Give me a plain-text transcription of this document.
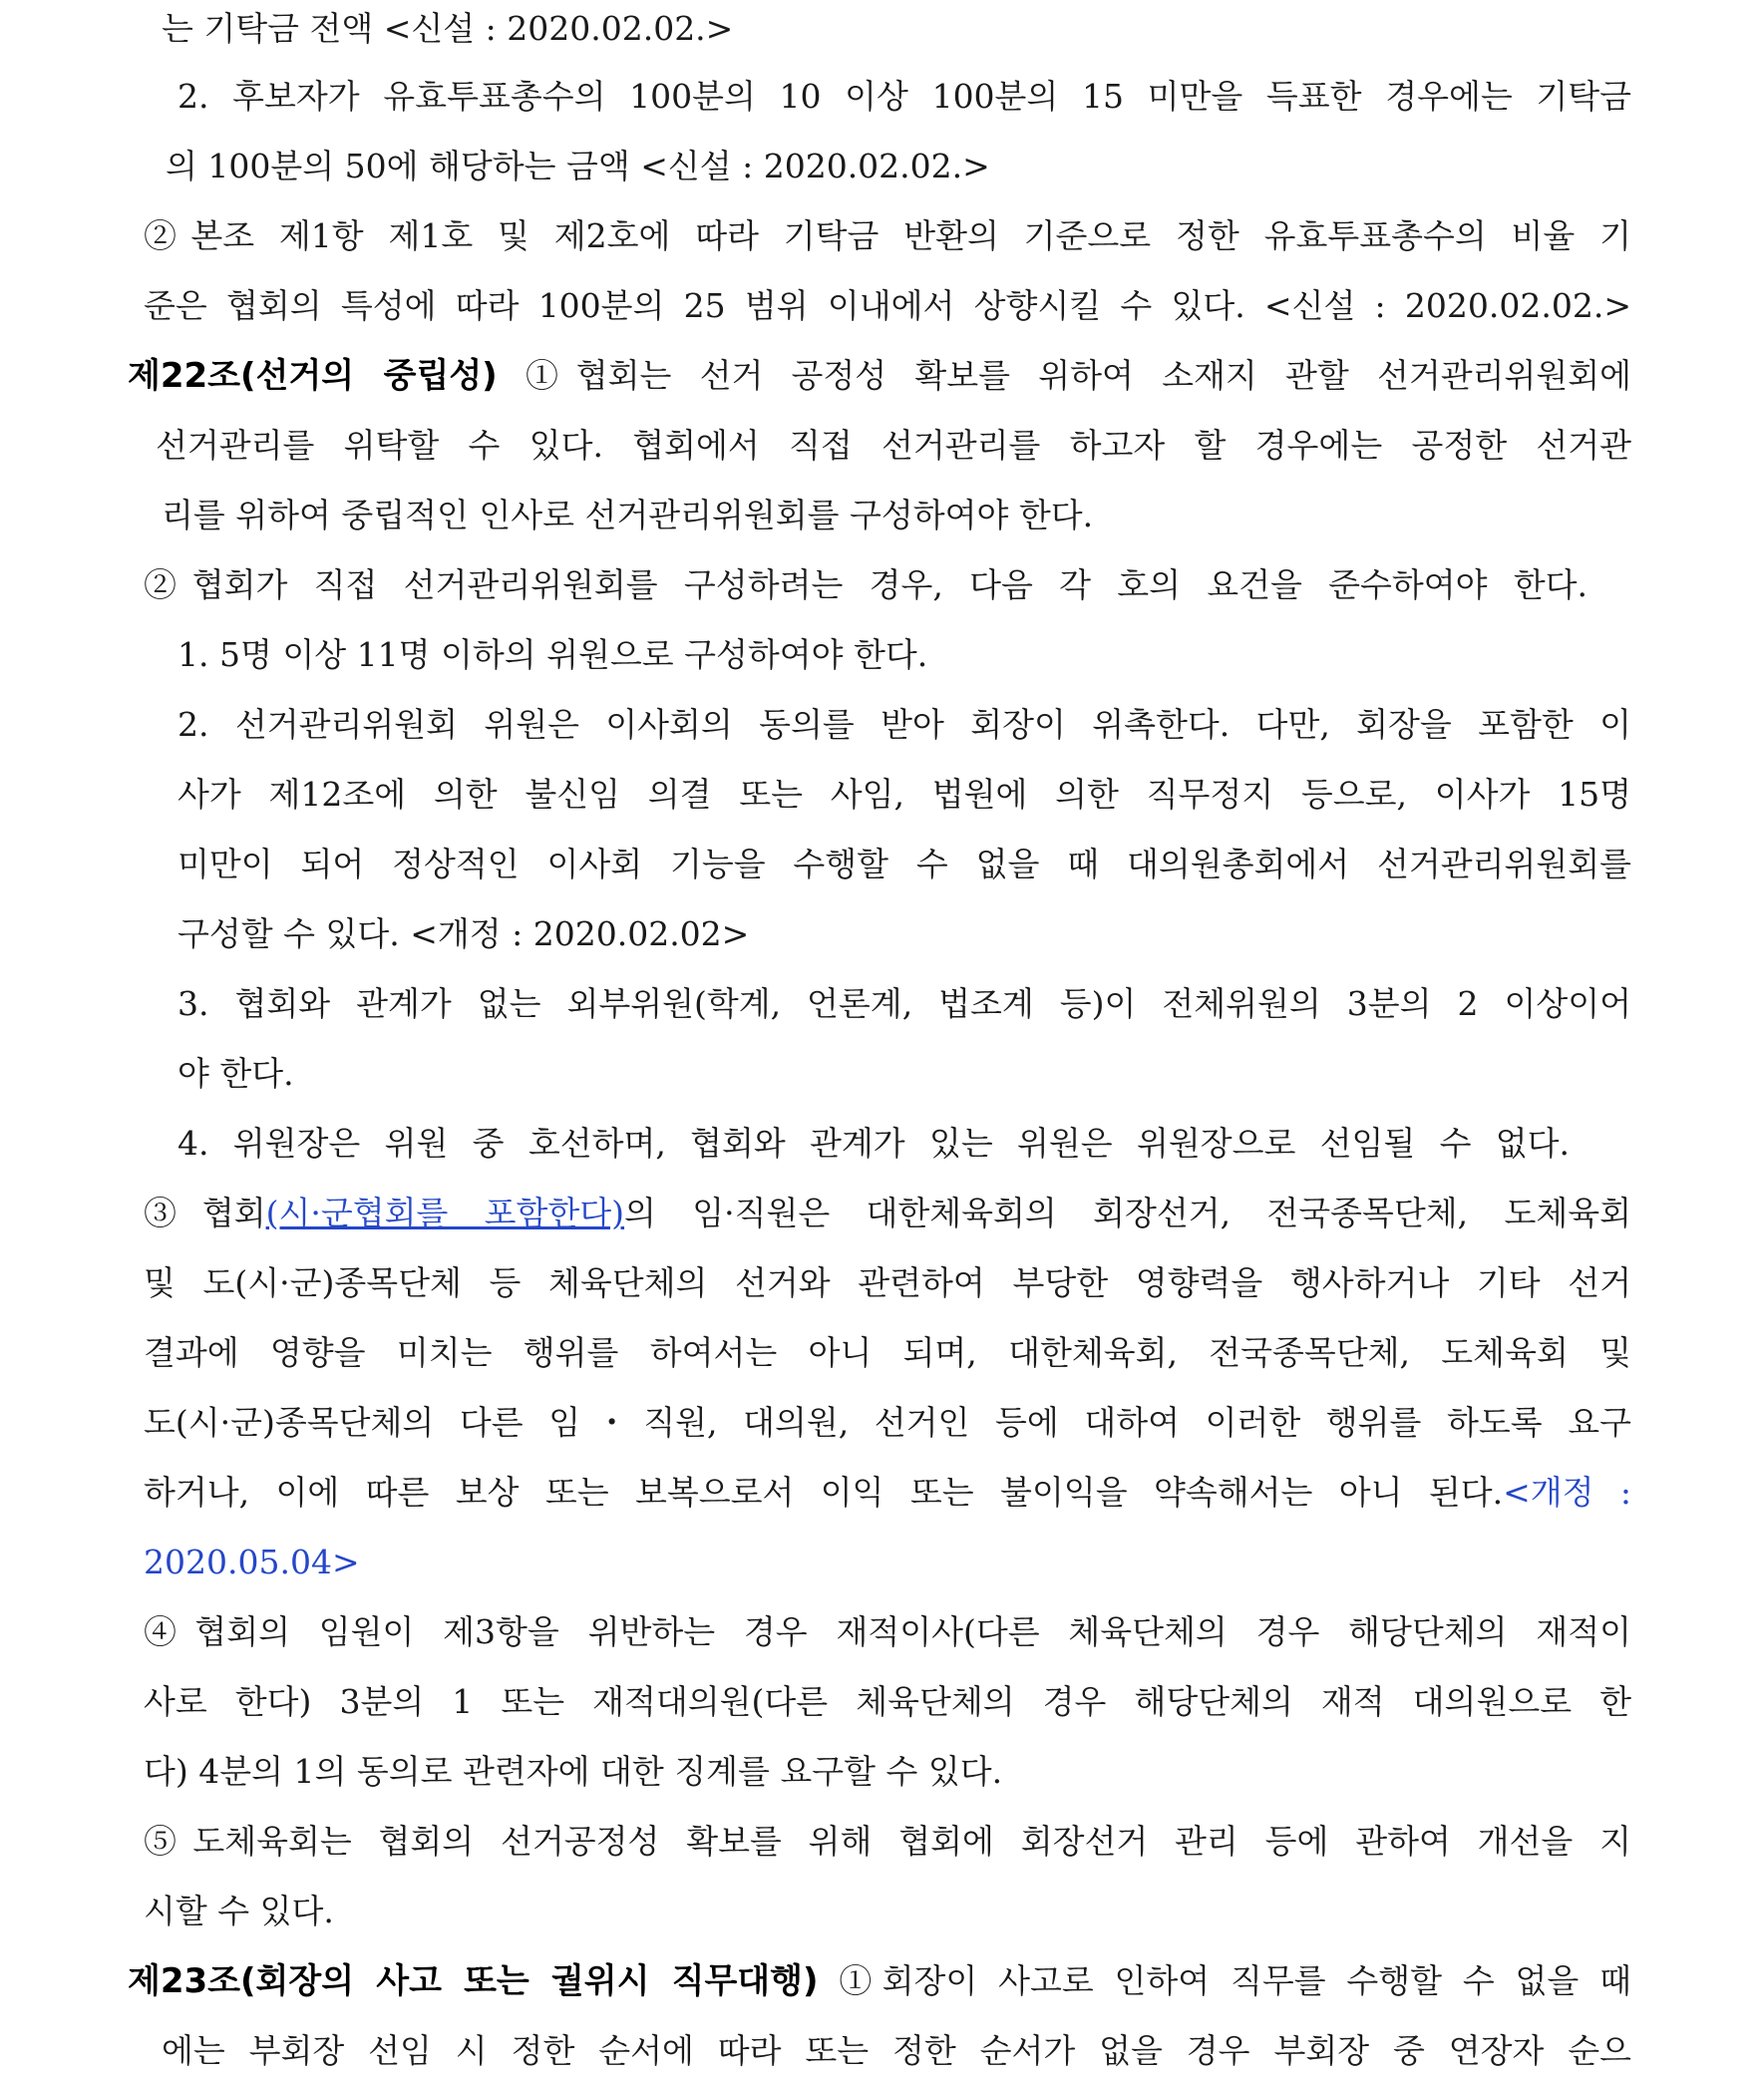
는 기탁금 전액 <신설 : 2020.02.02.>

2. 후보자가 유효투표총수의 100분의 10 이상 100분의 15 미만을 득표한 경우에는 기탁금

의 100분의 50에 해당하는 금액 <신설 : 2020.02.02.>

②본조 제1항 제1호 및 제2호에 따라 기탁금 반환의 기준으로 정한 유효투표총수의 비율 기

준은 협회의 특성에 따라 100분의 25 범위 이내에서 상향시킬 수 있다. <신설 : 2020.02.02.>

제22조(선거의 중립성) ①협회는 선거 공정성 확보를 위하여 소재지 관할 선거관리위원회에

선거관리를 위탁할 수 있다. 협회에서 직접 선거관리를 하고자 할 경우에는 공정한 선거관

리를 위하여 중립적인 인사로 선거관리위원회를 구성하여야 한다.

②협회가 직접 선거관리위원회를 구성하려는 경우, 다음 각 호의 요건을 준수하여야 한다.

1. 5명 이상 11명 이하의 위원으로 구성하여야 한다.

2. 선거관리위원회 위원은 이사회의 동의를 받아 회장이 위촉한다. 다만, 회장을 포함한 이

사가 제12조에 의한 불신임 의결 또는 사임, 법원에 의한 직무정지 등으로, 이사가 15명

미만이 되어 정상적인 이사회 기능을 수행할 수 없을 때 대의원총회에서 선거관리위원회를

구성할 수 있다. <개정 : 2020.02.02>

3. 협회와 관계가 없는 외부위원(학계, 언론계, 법조계 등)이 전체위원의 3분의 2 이상이어

야 한다.

4. 위원장은 위원 중 호선하며, 협회와 관계가 있는 위원은 위원장으로 선임될 수 없다.

③협회(시·군협회를 포함한다)의 임·직원은 대한체육회의 회장선거, 전국종목단체, 도체육회

및 도(시·군)종목단체 등 체육단체의 선거와 관련하여 부당한 영향력을 행사하거나 기타 선거

결과에 영향을 미치는 행위를 하여서는 아니 되며, 대한체육회, 전국종목단체, 도체육회 및

도(시·군)종목단체의 다른 임・직원, 대의원, 선거인 등에 대하여 이러한 행위를 하도록 요구

하거나, 이에 따른 보상 또는 보복으로서 이익 또는 불이익을 약속해서는 아니 된다.<개정 :

2020.05.04>

④협회의 임원이 제3항을 위반하는 경우 재적이사(다른 체육단체의 경우 해당단체의 재적이

사로 한다) 3분의 1 또는 재적대의원(다른 체육단체의 경우 해당단체의 재적 대의원으로 한

다) 4분의 1의 동의로 관련자에 대한 징계를 요구할 수 있다.

⑤도체육회는 협회의 선거공정성 확보를 위해 협회에 회장선거 관리 등에 관하여 개선을 지

시할 수 있다.

제23조(회장의 사고 또는 궐위시 직무대행) ①회장이 사고로 인하여 직무를 수행할 수 없을 때

에는 부회장 선임 시 정한 순서에 따라 또는 정한 순서가 없을 경우 부회장 중 연장자 순으
